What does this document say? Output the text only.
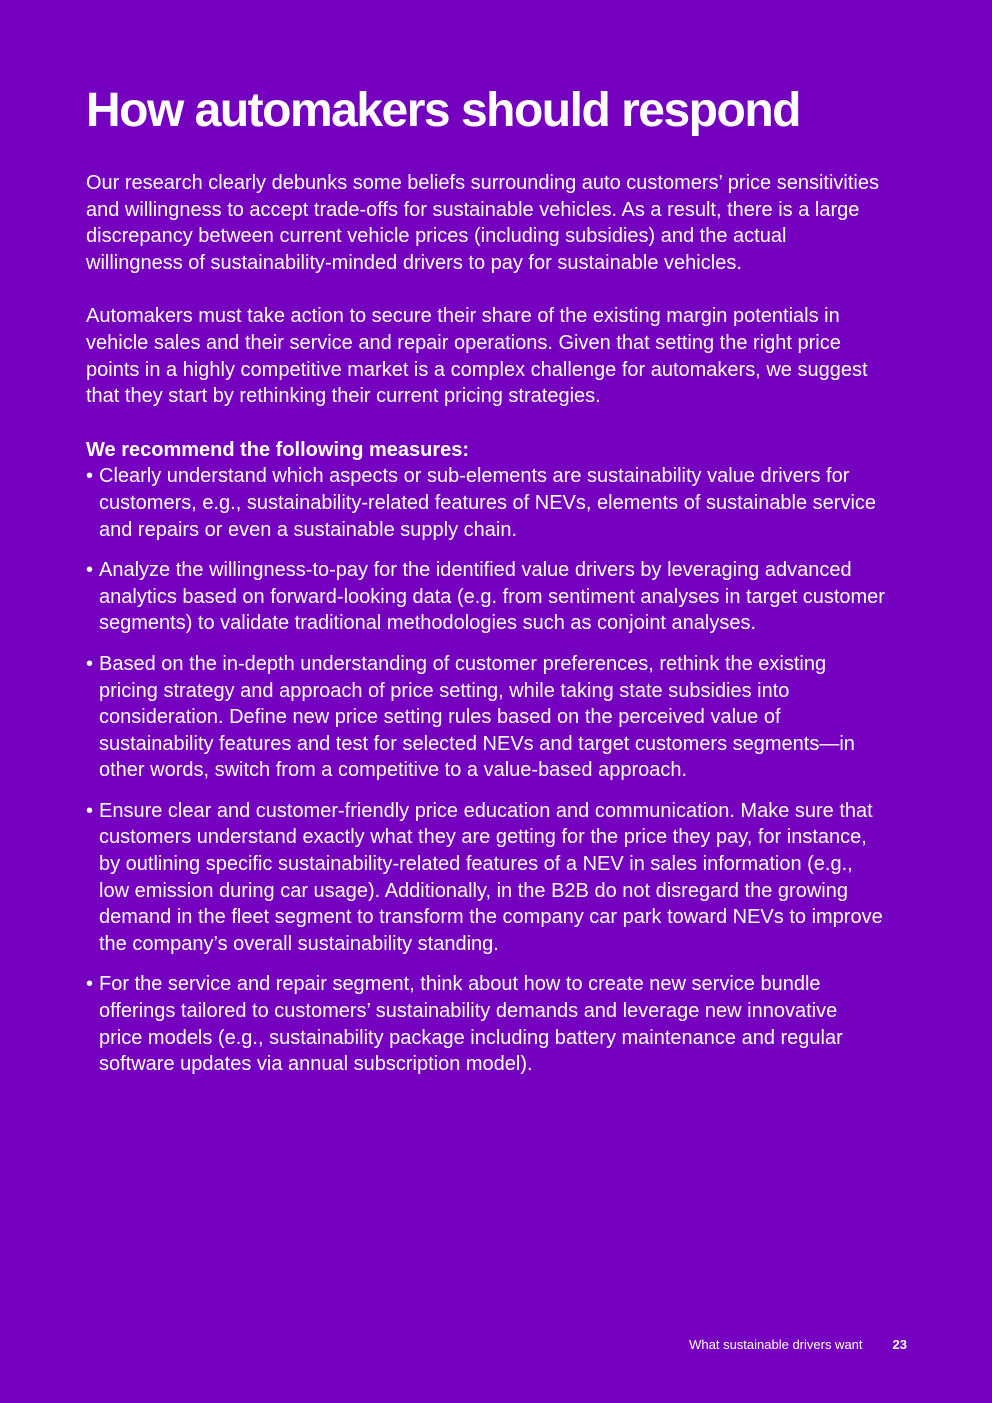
How automakers should respond

Our research clearly debunks some beliefs surrounding auto customers’ price sensitivities and willingness to accept trade-offs for sustainable vehicles. As a result, there is a large discrepancy between current vehicle prices (including subsidies) and the actual willingness of sustainability-minded drivers to pay for sustainable vehicles.

Automakers must take action to secure their share of the existing margin potentials in vehicle sales and their service and repair operations. Given that setting the right price points in a highly competitive market is a complex challenge for automakers, we suggest that they start by rethinking their current pricing strategies.

We recommend the following measures:
• Clearly understand which aspects or sub-elements are sustainability value drivers for customers, e.g., sustainability-related features of NEVs, elements of sustainable service and repairs or even a sustainable supply chain.
• Analyze the willingness-to-pay for the identified value drivers by leveraging advanced analytics based on forward-looking data (e.g. from sentiment analyses in target customer segments) to validate traditional methodologies such as conjoint analyses.
• Based on the in-depth understanding of customer preferences, rethink the existing pricing strategy and approach of price setting, while taking state subsidies into consideration. Define new price setting rules based on the perceived value of sustainability features and test for selected NEVs and target customers segments—in other words, switch from a competitive to a value-based approach.
• Ensure clear and customer-friendly price education and communication. Make sure that customers understand exactly what they are getting for the price they pay, for instance, by outlining specific sustainability-related features of a NEV in sales information (e.g., low emission during car usage). Additionally, in the B2B do not disregard the growing demand in the fleet segment to transform the company car park toward NEVs to improve the company’s overall sustainability standing.
• For the service and repair segment, think about how to create new service bundle offerings tailored to customers’ sustainability demands and leverage new innovative price models (e.g., sustainability package including battery maintenance and regular software updates via annual subscription model).
What sustainable drivers want 23
